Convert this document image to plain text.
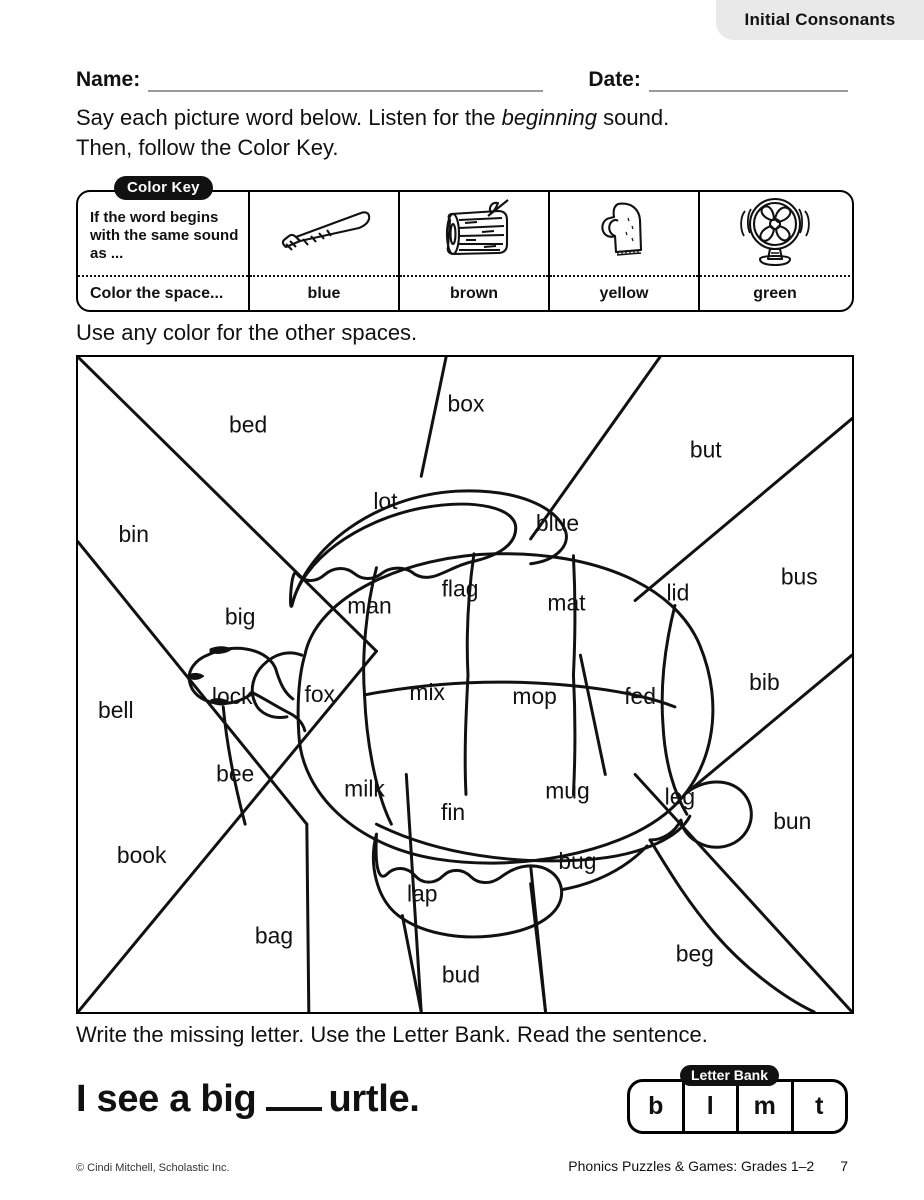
Initial Consonants
Name:	Date:
Say each picture word below. Listen for the beginning sound.
Then, follow the Color Key.
Color Key
If the word begins with the same sound as ...
Color the space...	blue	brown	yellow	green
Use any color for the other spaces.
bed
box
but
lot
blue
bin
bus
flag
man	mat	lid
big
bib
lock fox	mix	mop	fed
bell
bee
milk
fin
mug	leg
bun
book	bug
lap
bag
beg
bud
Write the missing letter. Use the Letter Bank. Read the sentence.
I see a big urtle.
Letter Bank
b	l	m	t
© Cindi Mitchell, Scholastic Inc.	Phonics Puzzles & Games: Grades 1–2 7
